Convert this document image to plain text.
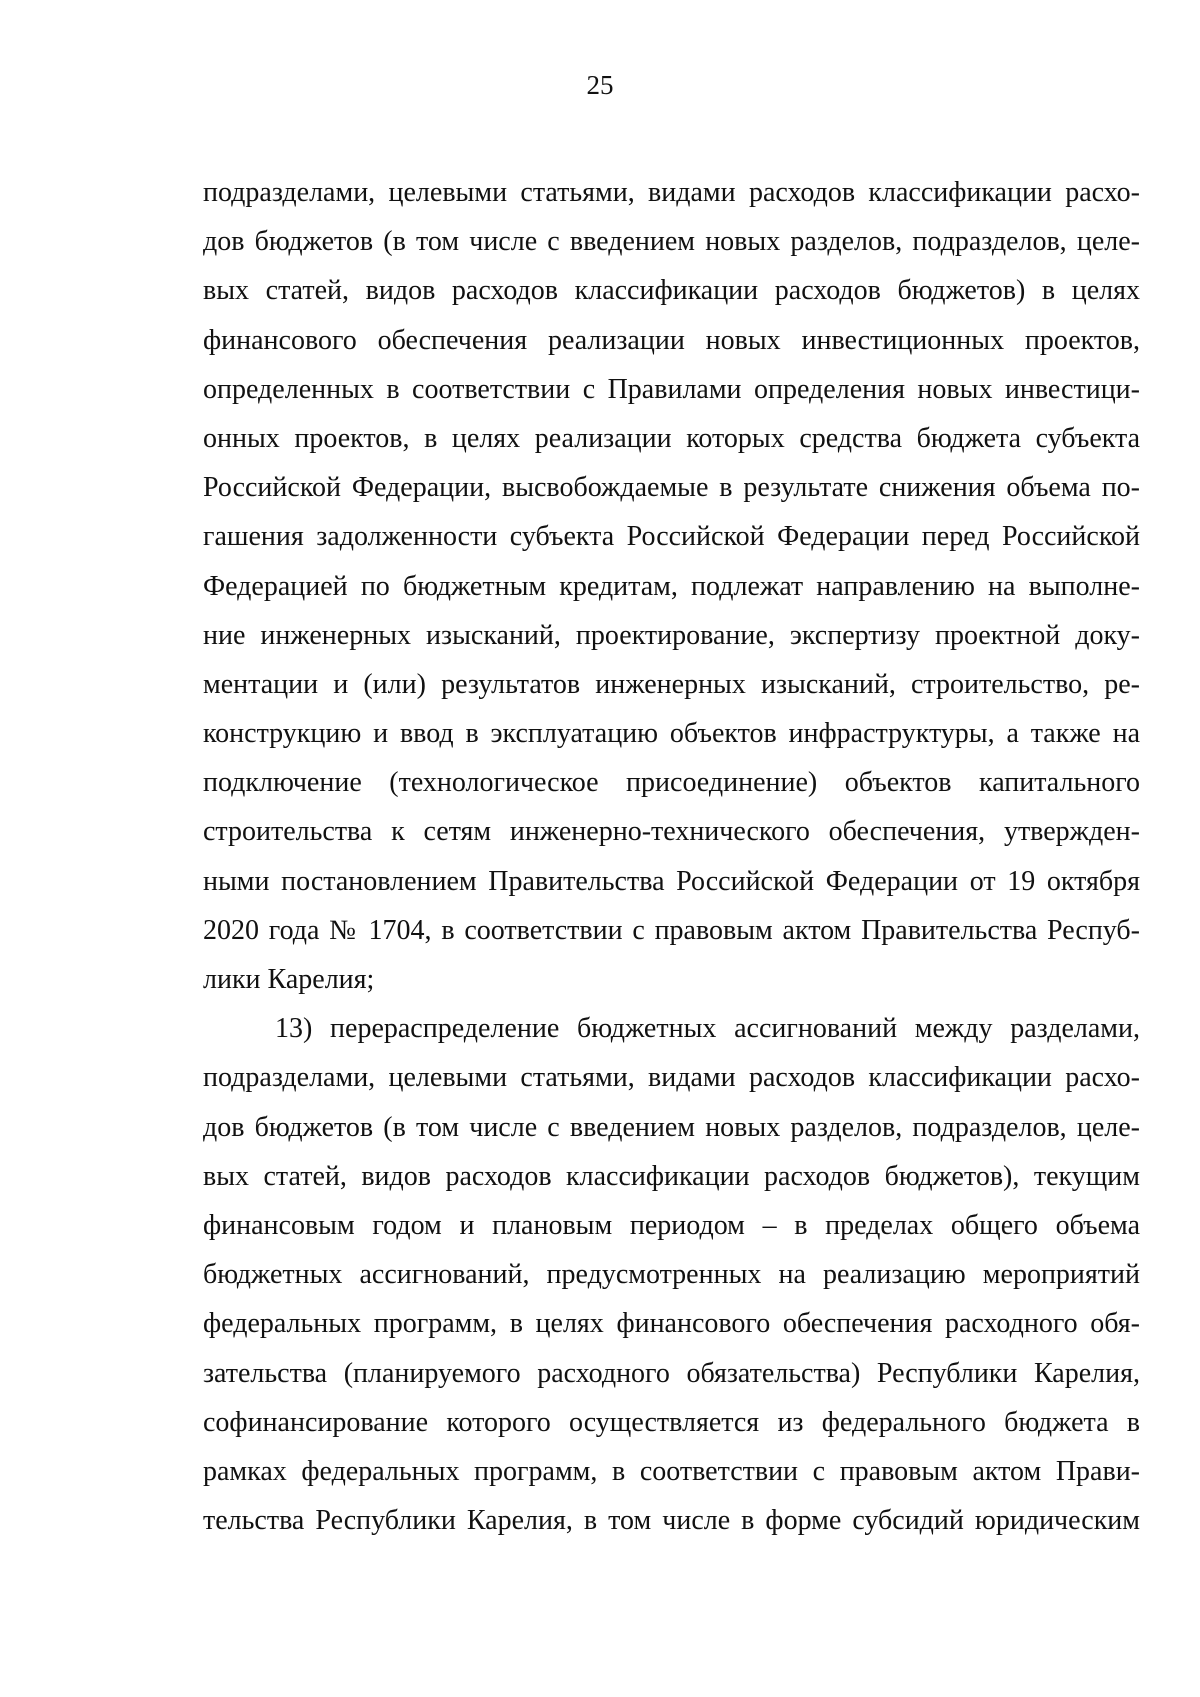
25
подразделами, целевыми статьями, видами расходов классификации расхо-
дов бюджетов (в том числе с введением новых разделов, подразделов, целе-
вых статей, видов расходов классификации расходов бюджетов) в целях
финансового обеспечения реализации новых инвестиционных проектов,
определенных в соответствии с Правилами определения новых инвестици-
онных проектов, в целях реализации которых средства бюджета субъекта
Российской Федерации, высвобождаемые в результате снижения объема по-
гашения задолженности субъекта Российской Федерации перед Российской
Федерацией по бюджетным кредитам, подлежат направлению на выполне-
ние инженерных изысканий, проектирование, экспертизу проектной доку-
ментации и (или) результатов инженерных изысканий, строительство, ре-
конструкцию и ввод в эксплуатацию объектов инфраструктуры, а также на
подключение (технологическое присоединение) объектов капитального
строительства к сетям инженерно-технического обеспечения, утвержден-
ными постановлением Правительства Российской Федерации от 19 октября
2020 года № 1704, в соответствии с правовым актом Правительства Респуб-
лики Карелия;
13) перераспределение бюджетных ассигнований между разделами,
подразделами, целевыми статьями, видами расходов классификации расхо-
дов бюджетов (в том числе с введением новых разделов, подразделов, целе-
вых статей, видов расходов классификации расходов бюджетов), текущим
финансовым годом и плановым периодом – в пределах общего объема
бюджетных ассигнований, предусмотренных на реализацию мероприятий
федеральных программ, в целях финансового обеспечения расходного обя-
зательства (планируемого расходного обязательства) Республики Карелия,
софинансирование которого осуществляется из федерального бюджета в
рамках федеральных программ, в соответствии с правовым актом Прави-
тельства Республики Карелия, в том числе в форме субсидий юридическим
